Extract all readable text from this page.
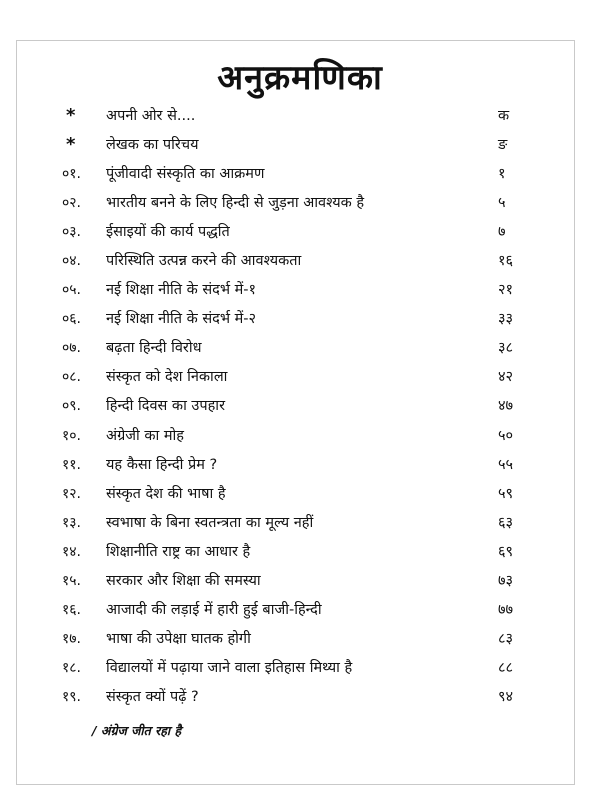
अनुक्रमणिका
*	अपनी ओर से....	क
*	लेखक का परिचय	ङ
०१.	पूंजीवादी संस्कृति का आक्रमण	१
०२.	भारतीय बनने के लिए हिन्दी से जुड़ना आवश्यक है	५
०३.	ईसाइयों की कार्य पद्धति	७
०४.	परिस्थिति उत्पन्न करने की आवश्यकता	१६
०५.	नई शिक्षा नीति के संदर्भ में-१	२१
०६.	नई शिक्षा नीति के संदर्भ में-२	३३
०७.	बढ़ता हिन्दी विरोध	३८
०८.	संस्कृत को देश निकाला	४२
०९.	हिन्दी दिवस का उपहार	४७
१०.	अंग्रेजी का मोह	५०
११.	यह कैसा हिन्दी प्रेम ?	५५
१२.	संस्कृत देश की भाषा है	५९
१३.	स्वभाषा के बिना स्वतन्त्रता का मूल्य नहीं	६३
१४.	शिक्षानीति राष्ट्र का आधार है	६९
१५.	सरकार और शिक्षा की समस्या	७३
१६.	आजादी की लड़ाई में हारी हुई बाजी-हिन्दी	७७
१७.	भाषा की उपेक्षा घातक होगी	८३
१८.	विद्यालयों में पढ़ाया जाने वाला इतिहास मिथ्या है	८८
१९.	संस्कृत क्यों पढ़ें ?	९४
/ अंग्रेज जीत रहा है
